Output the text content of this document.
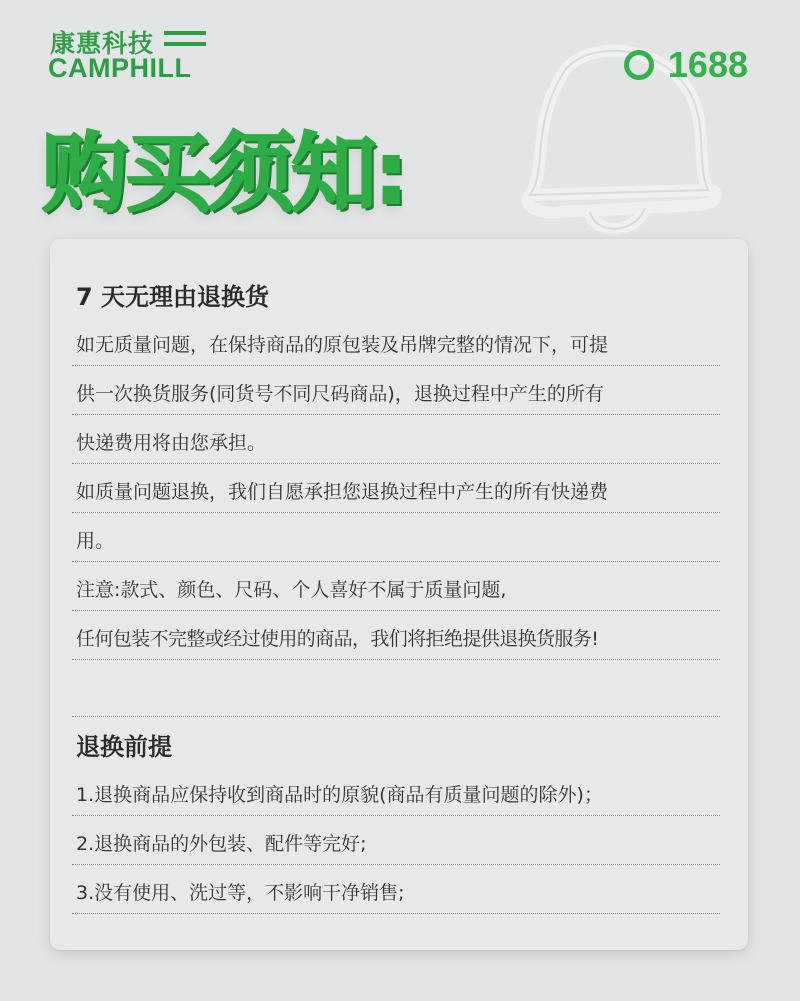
康惠科技
CAMPHILL	1688
购买须知:
7 天无理由退换货
如无质量问题，在保持商品的原包装及吊牌完整的情况下，可提
供一次换货服务(同货号不同尺码商品)，退换过程中产生的所有
快递费用将由您承担。
如质量问题退换，我们自愿承担您退换过程中产生的所有快递费
用。
注意:款式、颜色、尺码、个人喜好不属于质量问题,
任何包装不完整或经过使用的商品，我们将拒绝提供退换货服务!
退换前提
1.退换商品应保持收到商品时的原貌(商品有质量问题的除外)；
2.退换商品的外包装、配件等完好;
3.没有使用、洗过等，不影响干净销售;
